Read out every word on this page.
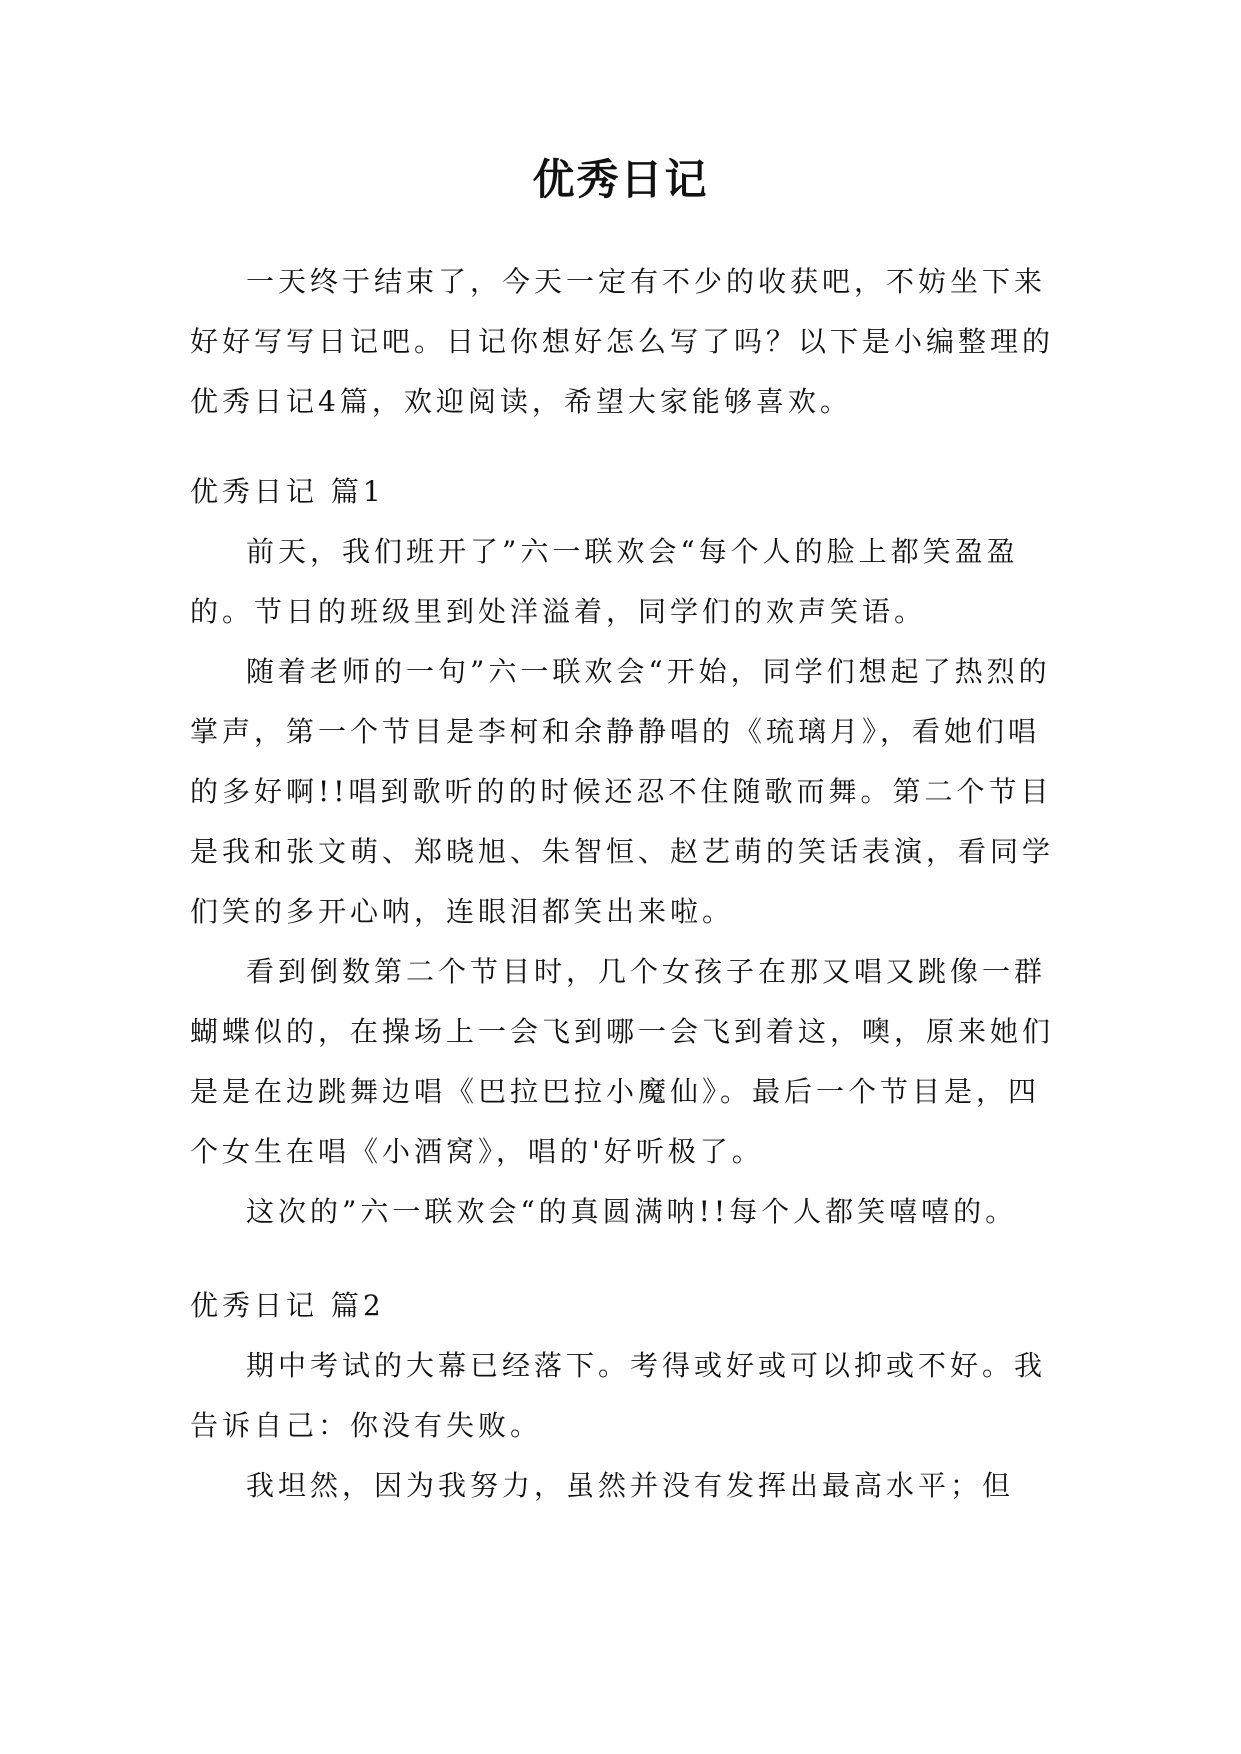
优秀日记

一天终于结束了，今天一定有不少的收获吧，不妨坐下来好好写写日记吧。日记你想好怎么写了吗？以下是小编整理的优秀日记4篇，欢迎阅读，希望大家能够喜欢。

优秀日记 篇1

前天，我们班开了”六一联欢会“每个人的脸上都笑盈盈的。节日的班级里到处洋溢着，同学们的欢声笑语。

随着老师的一句”六一联欢会“开始，同学们想起了热烈的掌声，第一个节目是李柯和余静静唱的《琉璃月》，看她们唱的多好啊!!唱到歌听的的时候还忍不住随歌而舞。第二个节目是我和张文萌、郑晓旭、朱智恒、赵艺萌的笑话表演，看同学们笑的多开心呐，连眼泪都笑出来啦。

看到倒数第二个节目时，几个女孩子在那又唱又跳像一群蝴蝶似的，在操场上一会飞到哪一会飞到着这，噢，原来她们是是在边跳舞边唱《巴拉巴拉小魔仙》。最后一个节目是，四个女生在唱《小酒窝》，唱的'好听极了。

这次的”六一联欢会“的真圆满呐!!每个人都笑嘻嘻的。

优秀日记 篇2

期中考试的大幕已经落下。考得或好或可以抑或不好。我告诉自己：你没有失败。

我坦然，因为我努力，虽然并没有发挥出最高水平；但
